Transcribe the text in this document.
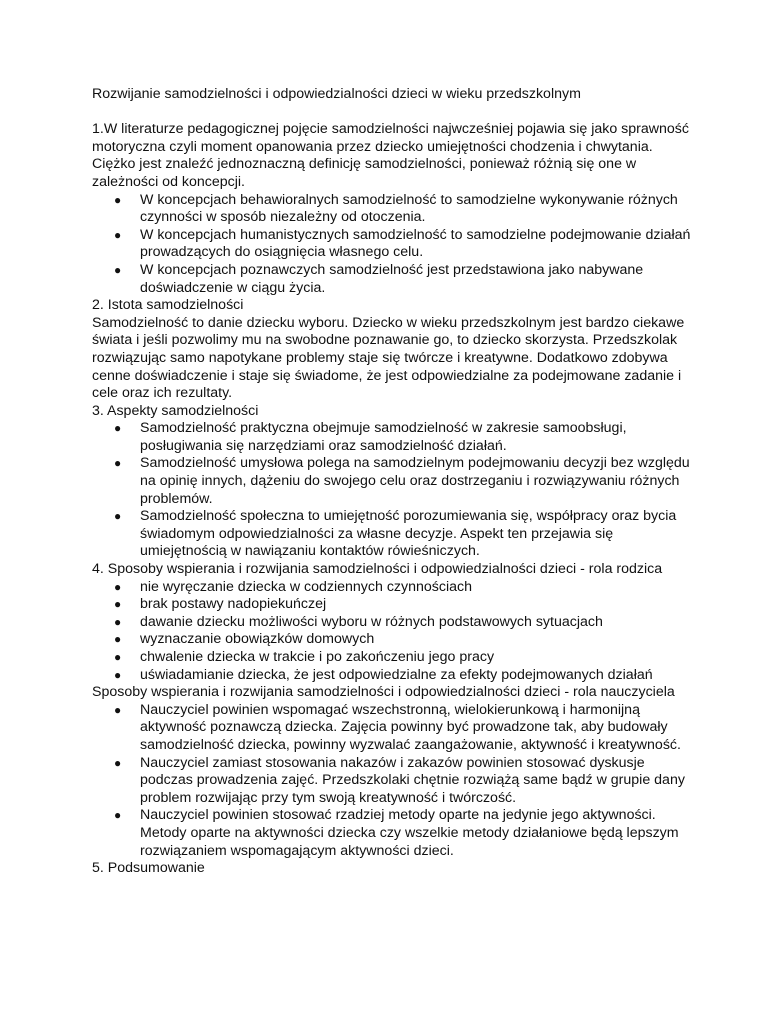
Rozwijanie samodzielności i odpowiedzialności dzieci w wieku przedszkolnym

1.W literaturze pedagogicznej pojęcie samodzielności najwcześniej pojawia się jako sprawność motoryczna czyli moment opanowania przez dziecko umiejętności chodzenia i chwytania. Ciężko jest znaleźć jednoznaczną definicję samodzielności, ponieważ różnią się one w zależności od koncepcji.

● W koncepcjach behawioralnych samodzielność to samodzielne wykonywanie różnych czynności w sposób niezależny od otoczenia.
● W koncepcjach humanistycznych samodzielność to samodzielne podejmowanie działań prowadzących do osiągnięcia własnego celu.
● W koncepcjach poznawczych samodzielność jest przedstawiona jako nabywane doświadczenie w ciągu życia.

2. Istota samodzielności

Samodzielność to danie dziecku wyboru. Dziecko w wieku przedszkolnym jest bardzo ciekawe świata i jeśli pozwolimy mu na swobodne poznawanie go, to dziecko skorzysta. Przedszkolak rozwiązując samo napotykane problemy staje się twórcze i kreatywne. Dodatkowo zdobywa cenne doświadczenie i staje się świadome, że jest odpowiedzialne za podejmowane zadanie i cele oraz ich rezultaty.

3. Aspekty samodzielności

● Samodzielność praktyczna obejmuje samodzielność w zakresie samoobsługi, posługiwania się narzędziami oraz samodzielność działań.
● Samodzielność umysłowa polega na samodzielnym podejmowaniu decyzji bez względu na opinię innych, dążeniu do swojego celu oraz dostrzeganiu i rozwiązywaniu różnych problemów.
● Samodzielność społeczna to umiejętność porozumiewania się, współpracy oraz bycia świadomym odpowiedzialności za własne decyzje. Aspekt ten przejawia się umiejętnością w nawiązaniu kontaktów rówieśniczych.

4. Sposoby wspierania i rozwijania samodzielności i odpowiedzialności dzieci - rola rodzica

● nie wyręczanie dziecka w codziennych czynnościach
● brak postawy nadopiekuńczej
● dawanie dziecku możliwości wyboru w różnych podstawowych sytuacjach
● wyznaczanie obowiązków domowych
● chwalenie dziecka w trakcie i po zakończeniu jego pracy
● uświadamianie dziecka, że jest odpowiedzialne za efekty podejmowanych działań

Sposoby wspierania i rozwijania samodzielności i odpowiedzialności dzieci - rola nauczyciela

● Nauczyciel powinien wspomagać wszechstronną, wielokierunkową i harmonijną aktywność poznawczą dziecka. Zajęcia powinny być prowadzone tak, aby budowały samodzielność dziecka, powinny wyzwalać zaangażowanie, aktywność i kreatywność.
● Nauczyciel zamiast stosowania nakazów i zakazów powinien stosować dyskusje podczas prowadzenia zajęć. Przedszkolaki chętnie rozwiążą same bądź w grupie dany problem rozwijając przy tym swoją kreatywność i twórczość.
● Nauczyciel powinien stosować rzadziej metody oparte na jedynie jego aktywności. Metody oparte na aktywności dziecka czy wszelkie metody działaniowe będą lepszym rozwiązaniem wspomagającym aktywności dzieci.

5. Podsumowanie
